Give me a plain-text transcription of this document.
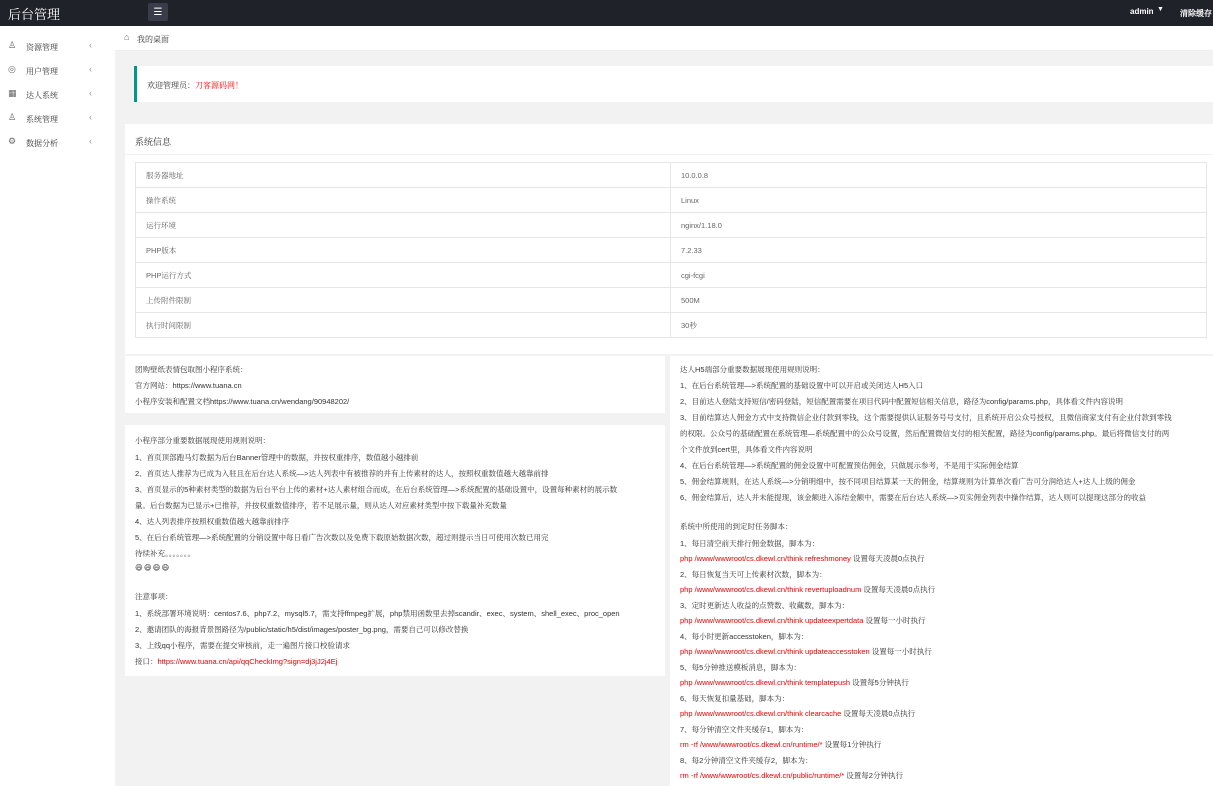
后台管理	☰	admin ▼ 清除缓存
♙ 资源管理	‹
◎ 用户管理	‹
▦ 达人系统	‹
♙ 系统管理	‹
⚙ 数据分析	‹
⌂ 我的桌面
欢迎管理员：刀客源码网！
系统信息
服务器地址	10.0.0.8
操作系统	Linux
运行环境	nginx/1.18.0
PHP版本	7.2.33
PHP运行方式	cgi-fcgi
上传附件限制	500M
执行时间限制	30秒
团购壁纸表情包取图小程序系统：
官方网站：https://www.tuana.cn
小程序安装和配置文档https://www.tuana.cn/wendang/90948202/
小程序部分重要数据展现使用规则说明：
1、首页顶部跑马灯数据为后台Banner管理中的数据，并按权重排序，数值越小越排前
2、首页达人推荐为已成为入驻且在后台达人系统—>达人列表中有被推荐的并有上传素材的达人，按照权重数值越大越靠前排
3、首页显示的5种素材类型的数据为后台平台上传的素材+达人素材组合而成，在后台系统管理—>系统配置的基础设置中，设置每种素材的展示数
量。后台数据为已显示+已推荐，并按权重数值排序，若不足展示量，则从达人对应素材类型中按下载量补充数量
4、达人列表排序按照权重数值越大越靠前排序
5、在后台系统管理—>系统配置的分销设置中每日看广告次数以及免费下载原始数据次数，超过则提示当日可使用次数已用完
待续补充。。。。。。。
😄😄😄😄
注意事项：
1、系统部署环境说明：centos7.6、php7.2、mysql5.7，需支持ffmpeg扩展，php禁用函数里去掉scandir、exec、system、shell_exec、proc_open
2、邀请团队的海报背景图路径为/public/static/h5/dist/images/poster_bg.png，需要自己可以修改替换
3、上线qq小程序，需要在提交审核前，走一遍图片接口校验请求
接口：https://www.tuana.cn/api/qqCheckImg?sign=dj3jJ2j4Ej
达人H5端部分重要数据展现使用规则说明：
1、在后台系统管理—>系统配置的基础设置中可以开启或关闭达人H5入口
2、目前达人登陆支持短信/密码登陆，短信配置需要在项目代码中配置短信相关信息，路径为config/params.php，具体看文件内容说明
3、目前结算达人佣金方式中支持微信企业付款到零钱，这个需要提供认证服务号号支付，且系统开启公众号授权，且微信商家支付有企业付款到零钱
的权限。公众号的基础配置在系统管理—系统配置中的公众号设置，然后配置微信支付的相关配置，路径为config/params.php。最后将微信支付的两
个文件放到cert里，具体看文件内容说明
4、在后台系统管理—>系统配置的佣金设置中可配置预估佣金，只做展示参考，不是用于实际佣金结算
5、佣金结算规则，在达人系统—>分销明细中，按不同项目结算某一天的佣金，结算规则为计算单次看广告可分润给达人+达人上级的佣金
6、佣金结算后，达人并未能提现，该金额进入冻结金额中，需要在后台达人系统—>页实佣金列表中操作结算，达人则可以提现这部分的收益
系统中所使用的到定时任务脚本：
1、每日清空前天排行佣金数据，脚本为：
php /www/wwwroot/cs.dkewl.cn/think refreshmoney 设置每天凌晨0点执行
2、每日恢复当天可上传素材次数，脚本为：
php /www/wwwroot/cs.dkewl.cn/think revertuploadnum 设置每天凌晨0点执行
3、定时更新达人收益的点赞数、收藏数，脚本为：
php /www/wwwroot/cs.dkewl.cn/think updateexpertdata 设置每一小时执行
4、每小时更新accesstoken，脚本为：
php /www/wwwroot/cs.dkewl.cn/think updateaccesstoken 设置每一小时执行
5、每5分钟推送模板消息，脚本为：
php /www/wwwroot/cs.dkewl.cn/think templatepush 设置每5分钟执行
6、每天恢复扣量基础，脚本为：
php /www/wwwroot/cs.dkewl.cn/think clearcache 设置每天凌晨0点执行
7、每分钟清空文件夹缓存1，脚本为：
rm -rf /www/wwwroot/cs.dkewl.cn/runtime/* 设置每1分钟执行
8、每2分钟清空文件夹缓存2，脚本为：
rm -rf /www/wwwroot/cs.dkewl.cn/public/runtime/* 设置每2分钟执行
